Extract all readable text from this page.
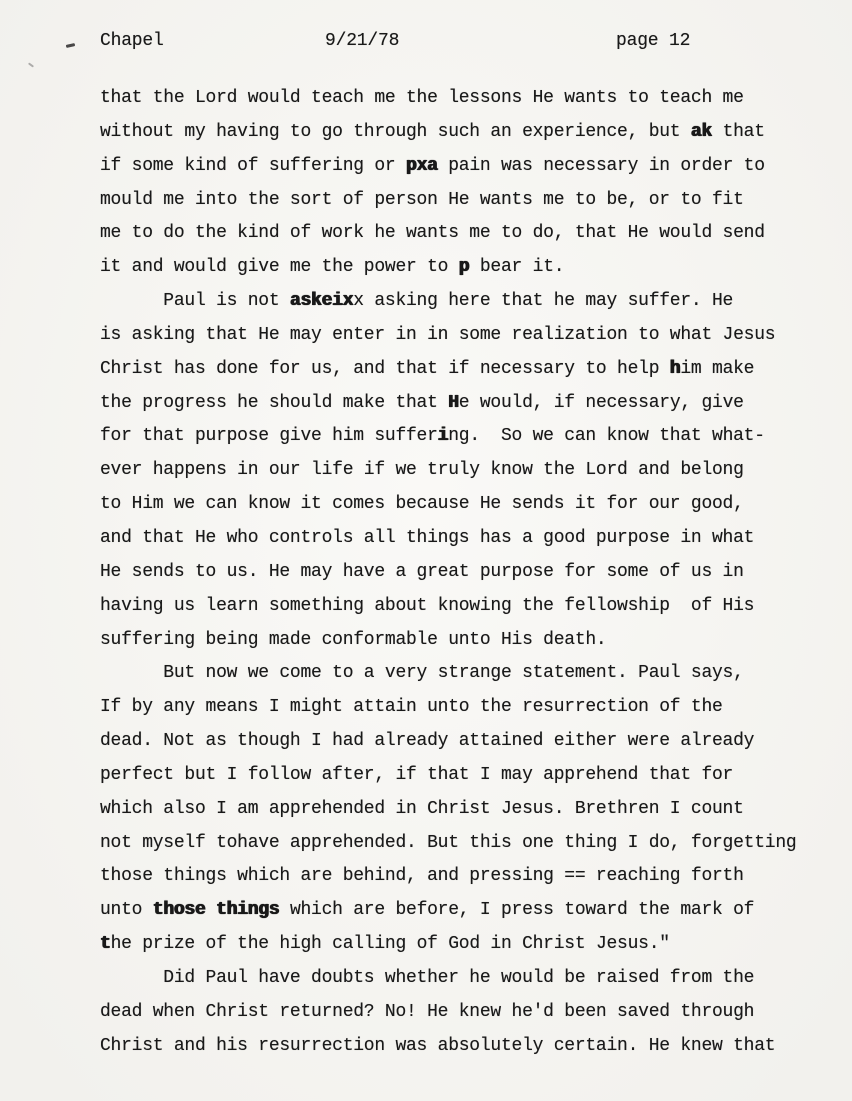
Chapel	9/21/78	page 12
that the Lord would teach me the lessons He wants to teach me
without my having to go through such an experience, but ak that
if some kind of suffering or pxa pain was necessary in order to
mould me into the sort of person He wants me to be, or to fit
me to do the kind of work he wants me to do, that He would send
it and would give me the power to p bear it.
Paul is not askeixx asking here that he may suffer. He
is asking that He may enter in in some realization to what Jesus
Christ has done for us, and that if necessary to help him make
the progress he should make that He would, if necessary, give
for that purpose give him suffering.  So we can know that what-
ever happens in our life if we truly know the Lord and belong
to Him we can know it comes because He sends it for our good,
and that He who controls all things has a good purpose in what
He sends to us. He may have a great purpose for some of us in
having us learn something about knowing the fellowship  of His
suffering being made conformable unto His death.
But now we come to a very strange statement. Paul says,
If by any means I might attain unto the resurrection of the
dead. Not as though I had already attained either were already
perfect but I follow after, if that I may apprehend that for
which also I am apprehended in Christ Jesus. Brethren I count
not myself tohave apprehended. But this one thing I do, forgetting
those things which are behind, and pressing == reaching forth
unto those things which are before, I press toward the mark of
the prize of the high calling of God in Christ Jesus."
Did Paul have doubts whether he would be raised from the
dead when Christ returned? No! He knew he'd been saved through
Christ and his resurrection was absolutely certain. He knew that
